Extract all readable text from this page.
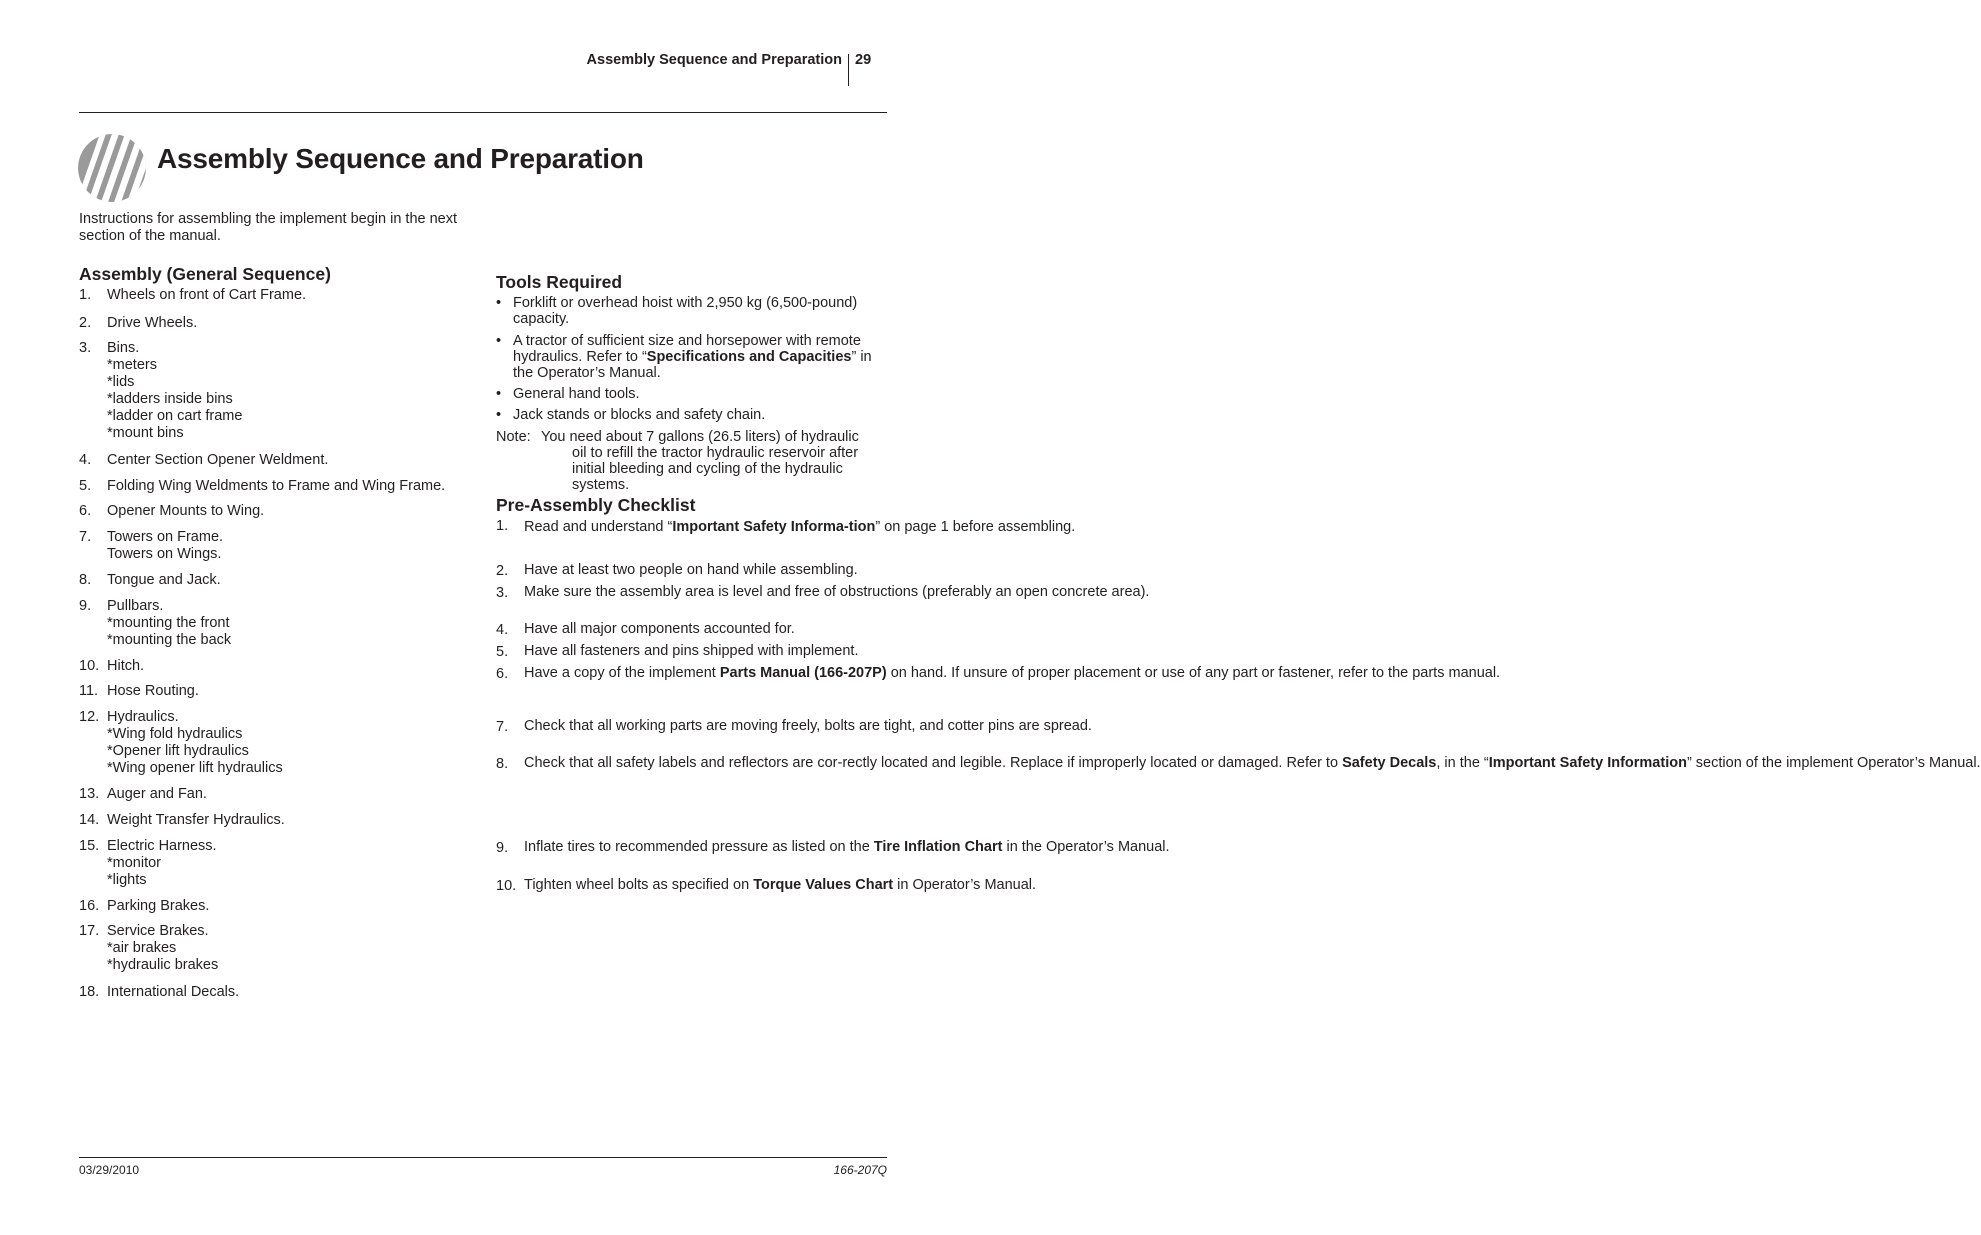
Assembly Sequence and Preparation 29
Assembly Sequence and Preparation
Instructions for assembling the implement begin in the next section of the manual.
Assembly (General Sequence)
1. Wheels on front of Cart Frame.
2. Drive Wheels.
3. Bins.
*meters
*lids
*ladders inside bins
*ladder on cart frame
*mount bins
4. Center Section Opener Weldment.
5. Folding Wing Weldments to Frame and Wing Frame.
6. Opener Mounts to Wing.
7. Towers on Frame.
Towers on Wings.
8. Tongue and Jack.
9. Pullbars.
*mounting the front
*mounting the back
10. Hitch.
11. Hose Routing.
12. Hydraulics.
*Wing fold hydraulics
*Opener lift hydraulics
*Wing opener lift hydraulics
13. Auger and Fan.
14. Weight Transfer Hydraulics.
15. Electric Harness.
*monitor
*lights
16. Parking Brakes.
17. Service Brakes.
*air brakes
*hydraulic brakes
18. International Decals.
Tools Required
• Forklift or overhead hoist with 2,950 kg (6,500-pound) capacity.
• A tractor of sufficient size and horsepower with remote hydraulics. Refer to “Specifications and Capacities” in the Operator’s Manual.
• General hand tools.
• Jack stands or blocks and safety chain.
Note: You need about 7 gallons (26.5 liters) of hydraulic
oil to refill the tractor hydraulic reservoir after initial bleeding and cycling of the hydraulic systems.
Pre-Assembly Checklist
1. Read and understand “Important Safety Informa-tion” on page 1 before assembling.
2. Have at least two people on hand while assembling.
3. Make sure the assembly area is level and free of obstructions (preferably an open concrete area).
4. Have all major components accounted for.
5. Have all fasteners and pins shipped with implement.
6. Have a copy of the implement Parts Manual (166-207P) on hand. If unsure of proper placement or use of any part or fastener, refer to the parts manual.
7. Check that all working parts are moving freely, bolts are tight, and cotter pins are spread.
8. Check that all safety labels and reflectors are cor-rectly located and legible. Replace if improperly located or damaged. Refer to Safety Decals, in the “Important Safety Information” section of the implement Operator’s Manual.
9. Inflate tires to recommended pressure as listed on the Tire Inflation Chart in the Operator’s Manual.
10. Tighten wheel bolts as specified on Torque Values Chart in Operator’s Manual.
03/29/2010	166-207Q
